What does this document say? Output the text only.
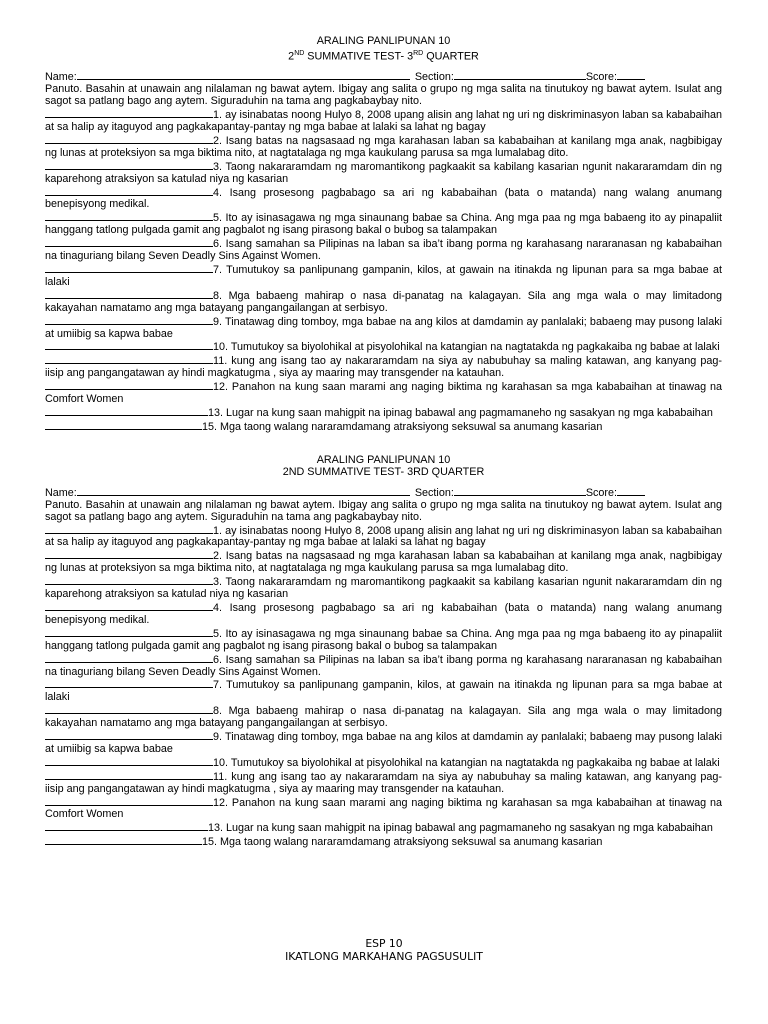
ARALING PANLIPUNAN 10
2ND SUMMATIVE TEST- 3RD QUARTER
Name:	Section:	Score:
Panuto. Basahin at unawain ang nilalaman ng bawat aytem. Ibigay ang salita o grupo ng mga salita na tinutukoy ng bawat aytem. Isulat ang sagot sa patlang bago ang aytem. Siguraduhin na tama ang pagkabaybay nito.
1. ay isinabatas noong Hulyo 8, 2008 upang alisin ang lahat ng uri ng diskriminasyon laban sa kababaihan at sa halip ay itaguyod ang pagkakapantay-pantay ng mga babae at lalaki sa lahat ng bagay
2. Isang batas na nagsasaad ng mga karahasan laban sa kababaihan at kanilang mga anak, nagbibigay ng lunas at proteksiyon sa mga biktima nito, at nagtatalaga ng mga kaukulang parusa sa mga lumalabag dito.
3. Taong nakararamdam ng maromantikong pagkaakit sa kabilang kasarian ngunit nakararamdam din ng kaparehong atraksiyon sa katulad niya ng kasarian
4. Isang prosesong pagbabago sa ari ng kababaihan (bata o matanda) nang walang anumang benepisyong medikal.
5. Ito ay isinasagawa ng mga sinaunang babae sa China. Ang mga paa ng mga babaeng ito ay pinapaliit hanggang tatlong pulgada gamit ang pagbalot ng isang pirasong bakal o bubog sa talampakan
6. Isang samahan sa Pilipinas na laban sa iba’t ibang porma ng karahasang nararanasan ng kababaihan na tinaguriang bilang Seven Deadly Sins Against Women.
7. Tumutukoy sa panlipunang gampanin, kilos, at gawain na itinakda ng lipunan para sa mga babae at lalaki
8. Mga babaeng mahirap o nasa di-panatag na kalagayan. Sila ang mga wala o may limitadong kakayahan namatamo ang mga batayang pangangailangan at serbisyo.
9. Tinatawag ding tomboy, mga babae na ang kilos at damdamin ay panlalaki; babaeng may pusong lalaki at umiibig sa kapwa babae
10. Tumutukoy sa biyolohikal at pisyolohikal na katangian na nagtatakda ng pagkakaiba ng babae at lalaki
11. kung ang isang tao ay nakararamdam na siya ay nabubuhay sa maling katawan, ang kanyang pag-iisip ang pangangatawan ay hindi magkatugma , siya ay maaring may transgender na katauhan.
12. Panahon na kung saan marami ang naging biktima ng karahasan sa mga kababaihan at tinawag na Comfort Women
13. Lugar na kung saan mahigpit na ipinag babawal ang pagmamaneho ng sasakyan ng mga kababaihan
15. Mga taong walang nararamdamang atraksiyong seksuwal sa anumang kasarian
ARALING PANLIPUNAN 10
2ND SUMMATIVE TEST- 3RD QUARTER
Name:	Section:	Score:
Panuto. Basahin at unawain ang nilalaman ng bawat aytem. Ibigay ang salita o grupo ng mga salita na tinutukoy ng bawat aytem. Isulat ang sagot sa patlang bago ang aytem. Siguraduhin na tama ang pagkabaybay nito.
1. ay isinabatas noong Hulyo 8, 2008 upang alisin ang lahat ng uri ng diskriminasyon laban sa kababaihan at sa halip ay itaguyod ang pagkakapantay-pantay ng mga babae at lalaki sa lahat ng bagay
2. Isang batas na nagsasaad ng mga karahasan laban sa kababaihan at kanilang mga anak, nagbibigay ng lunas at proteksiyon sa mga biktima nito, at nagtatalaga ng mga kaukulang parusa sa mga lumalabag dito.
3. Taong nakararamdam ng maromantikong pagkaakit sa kabilang kasarian ngunit nakararamdam din ng kaparehong atraksiyon sa katulad niya ng kasarian
4. Isang prosesong pagbabago sa ari ng kababaihan (bata o matanda) nang walang anumang benepisyong medikal.
5. Ito ay isinasagawa ng mga sinaunang babae sa China. Ang mga paa ng mga babaeng ito ay pinapaliit hanggang tatlong pulgada gamit ang pagbalot ng isang pirasong bakal o bubog sa talampakan
6. Isang samahan sa Pilipinas na laban sa iba’t ibang porma ng karahasang nararanasan ng kababaihan na tinaguriang bilang Seven Deadly Sins Against Women.
7. Tumutukoy sa panlipunang gampanin, kilos, at gawain na itinakda ng lipunan para sa mga babae at lalaki
8. Mga babaeng mahirap o nasa di-panatag na kalagayan. Sila ang mga wala o may limitadong kakayahan namatamo ang mga batayang pangangailangan at serbisyo.
9. Tinatawag ding tomboy, mga babae na ang kilos at damdamin ay panlalaki; babaeng may pusong lalaki at umiibig sa kapwa babae
10. Tumutukoy sa biyolohikal at pisyolohikal na katangian na nagtatakda ng pagkakaiba ng babae at lalaki
11. kung ang isang tao ay nakararamdam na siya ay nabubuhay sa maling katawan, ang kanyang pag-iisip ang pangangatawan ay hindi magkatugma , siya ay maaring may transgender na katauhan.
12. Panahon na kung saan marami ang naging biktima ng karahasan sa mga kababaihan at tinawag na Comfort Women
13. Lugar na kung saan mahigpit na ipinag babawal ang pagmamaneho ng sasakyan ng mga kababaihan
15. Mga taong walang nararamdamang atraksiyong seksuwal sa anumang kasarian
ESP 10
IKATLONG MARKAHANG PAGSUSULIT
